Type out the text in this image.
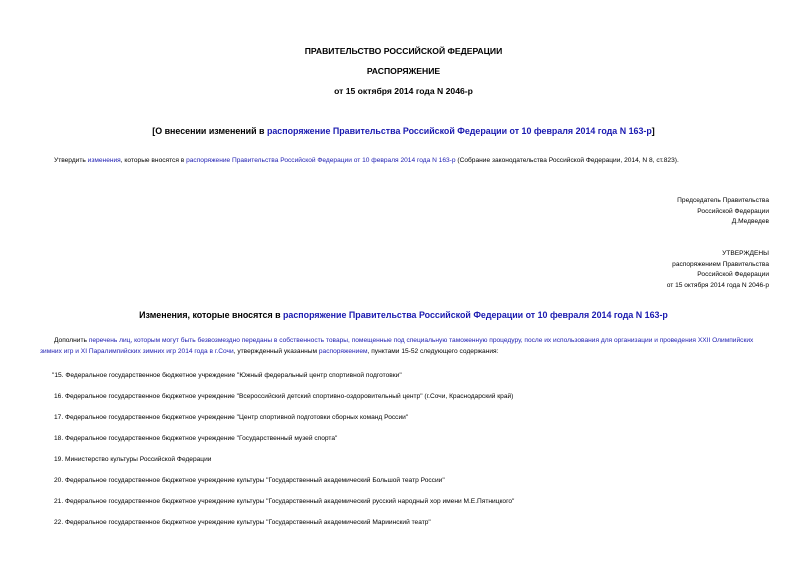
ПРАВИТЕЛЬСТВО РОССИЙСКОЙ ФЕДЕРАЦИИ
РАСПОРЯЖЕНИЕ
от 15 октября 2014 года N 2046-р
[О внесении изменений в распоряжение Правительства Российской Федерации от 10 февраля 2014 года N 163-р]
Утвердить изменения, которые вносятся в распоряжение Правительства Российской Федерации от 10 февраля 2014 года N 163-р (Собрание законодательства Российской Федерации, 2014, N 8, ст.823).
Председатель Правительства
Российской Федерации
Д.Медведев
УТВЕРЖДЕНЫ
распоряжением Правительства
Российской Федерации
от 15 октября 2014 года N 2046-р
Изменения, которые вносятся в распоряжение Правительства Российской Федерации от 10 февраля 2014 года N 163-р
Дополнить перечень лиц, которым могут быть безвозмездно переданы в собственность товары, помещенные под специальную таможенную процедуру, после их использования для организации и проведения XXII Олимпийских зимних игр и XI Паралимпийских зимних игр 2014 года в г.Сочи, утвержденный указанным распоряжением, пунктами 15-52 следующего содержания:
"15. Федеральное государственное бюджетное учреждение "Южный федеральный центр спортивной подготовки"
16. Федеральное государственное бюджетное учреждение "Всероссийский детский спортивно-оздоровительный центр" (г.Сочи, Краснодарский край)
17. Федеральное государственное бюджетное учреждение "Центр спортивной подготовки сборных команд России"
18. Федеральное государственное бюджетное учреждение "Государственный музей спорта"
19. Министерство культуры Российской Федерации
20. Федеральное государственное бюджетное учреждение культуры "Государственный академический Большой театр России"
21. Федеральное государственное бюджетное учреждение культуры "Государственный академический русский народный хор имени М.Е.Пятницкого"
22. Федеральное государственное бюджетное учреждение культуры "Государственный академический Мариинский театр"
